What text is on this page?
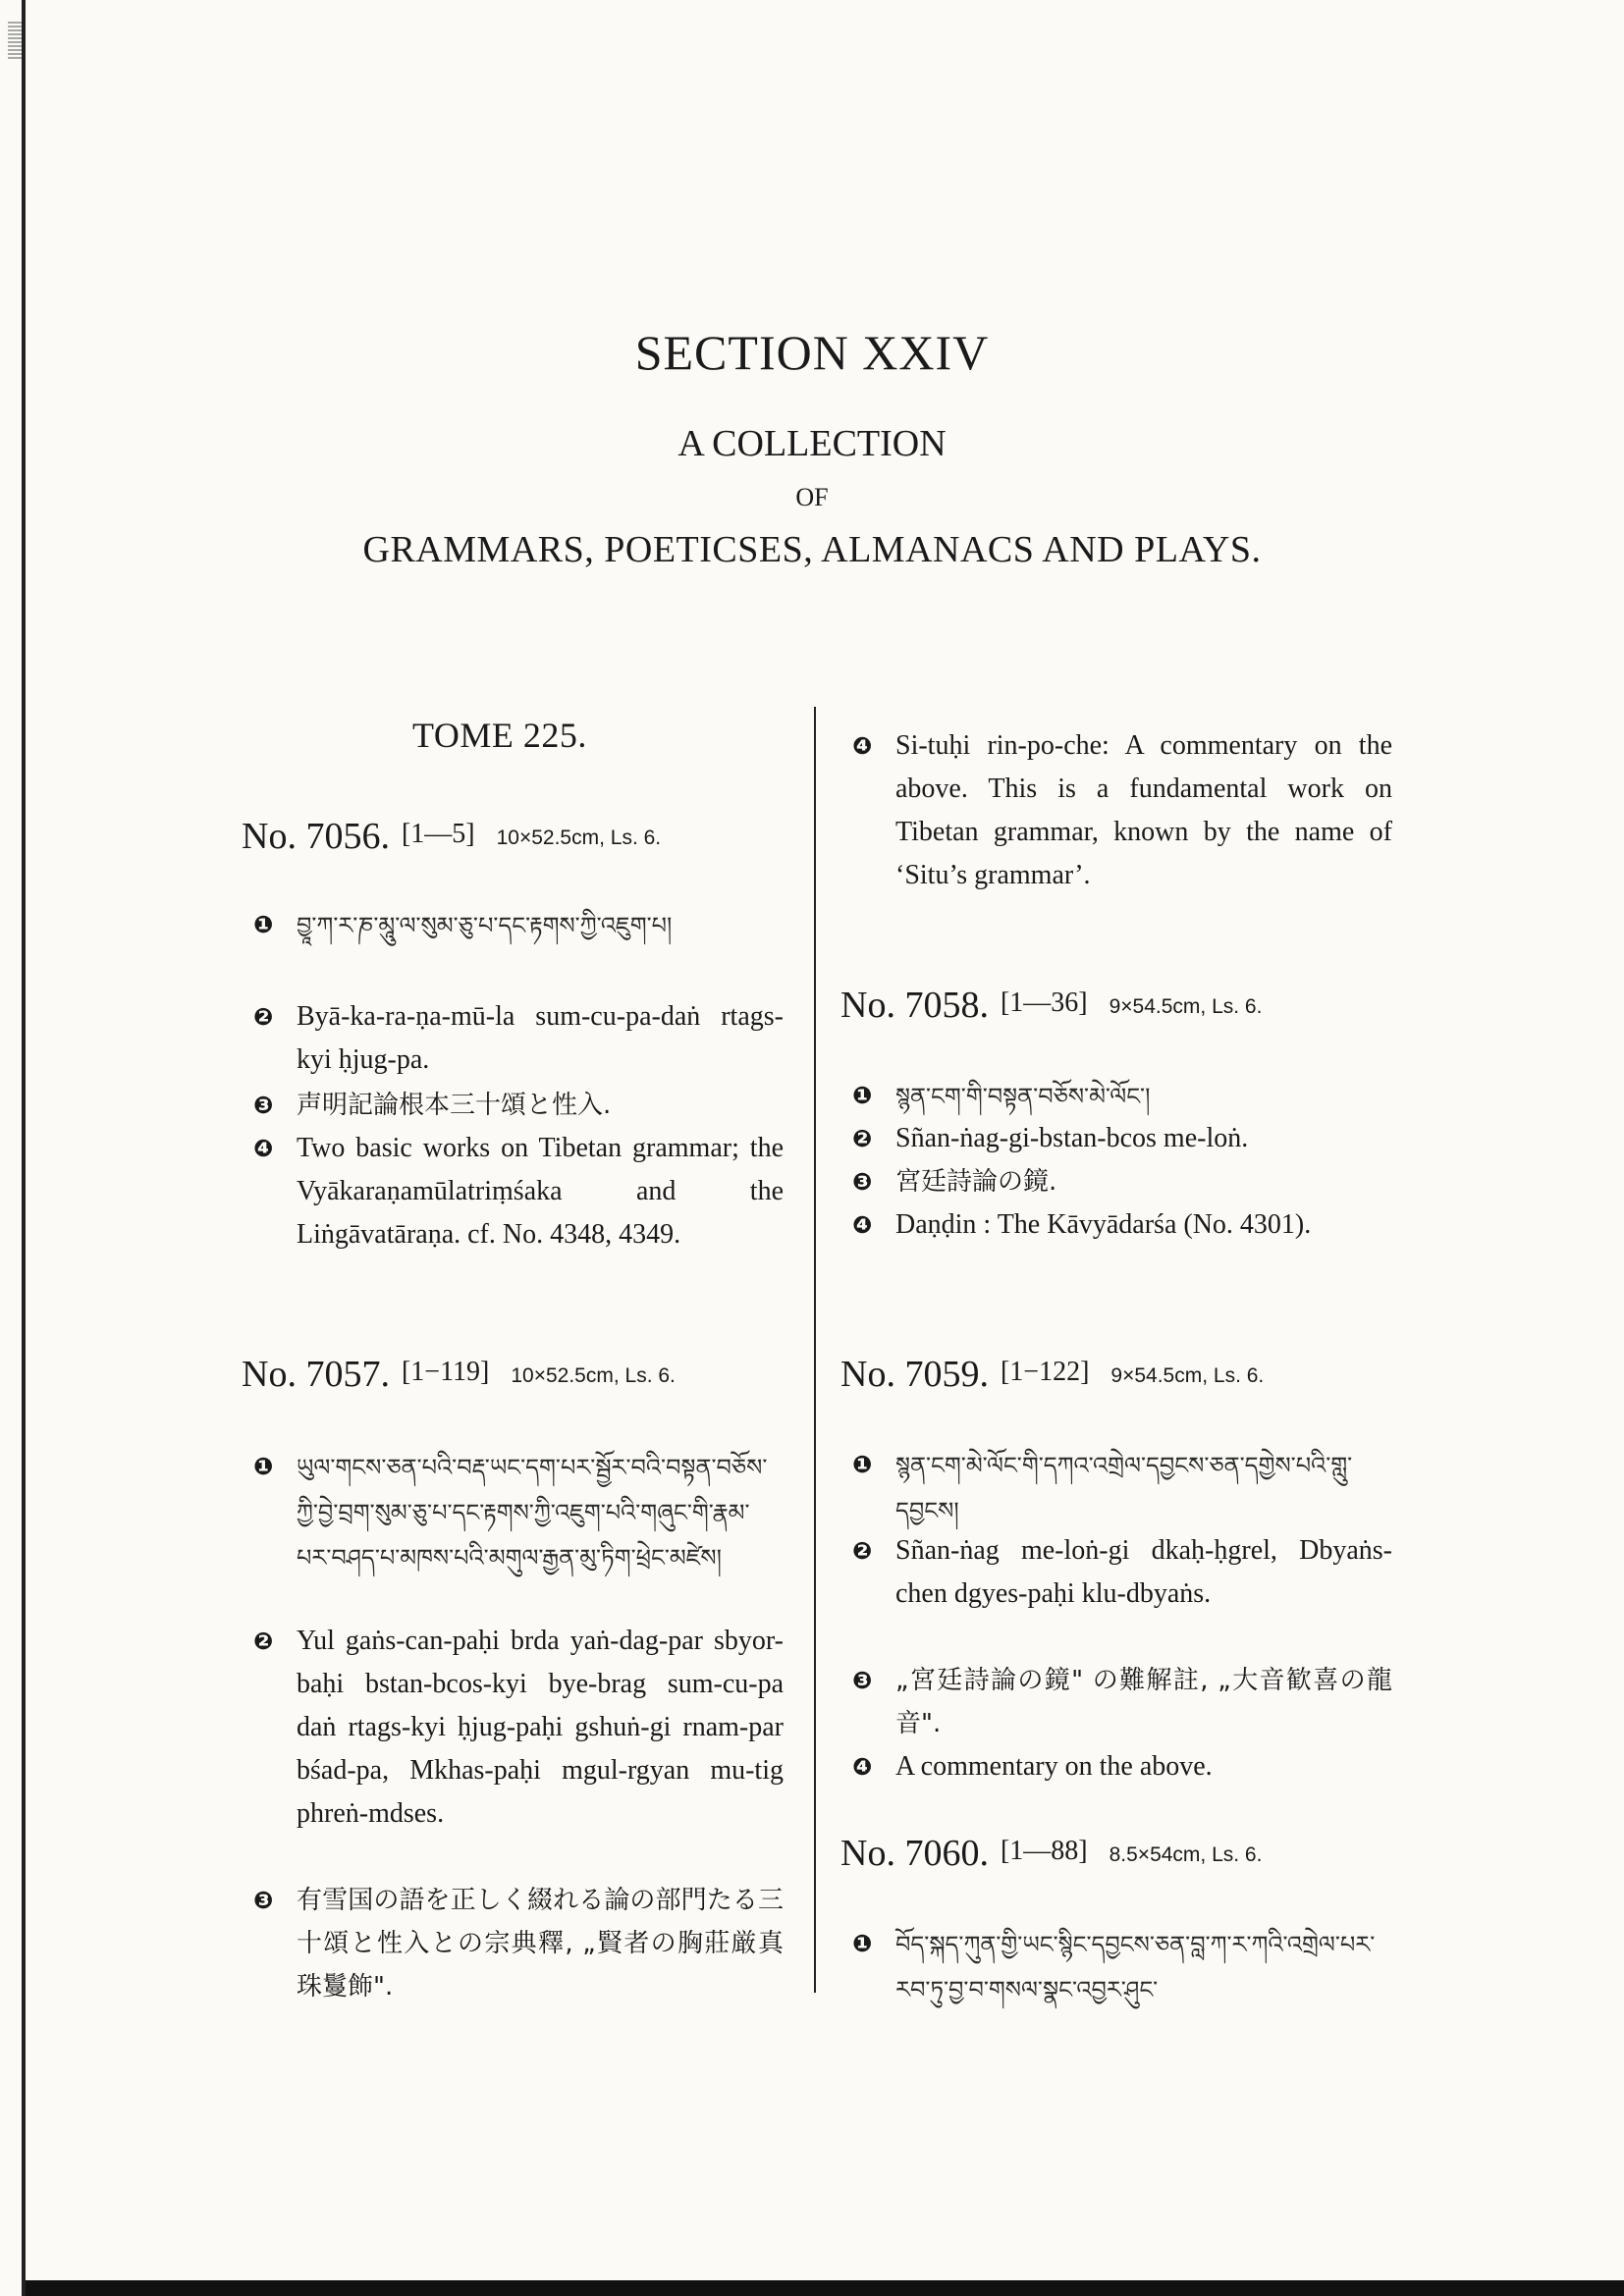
SECTION XXIV
A COLLECTION
OF
GRAMMARS, POETICSES, ALMANACS AND PLAYS.
TOME 225.
No. 7056. [1—5] 10×52.5cm, Ls. 6.
❶ བྱཱ་ཀ་ར་ཎ་མཱུ་ལ་སུམ་ཅུ་པ་དང་རྟགས་ཀྱི་འཇུག་པ།
❷ Byā-ka-ra-ṇa-mū-la sum-cu-pa-daṅ rtags-kyi ḥjug-pa.
❸ 声明記論根本三十頌と性入.
❹ Two basic works on Tibetan grammar; the Vyākaraṇamūlatriṃśaka and the Liṅgāvatāraṇa. cf. No. 4348, 4349.
No. 7057. [1−119] 10×52.5cm, Ls. 6.
❶ ཡུལ་གངས་ཅན་པའི་བརྡ་ཡང་དག་པར་སྦྱོར་བའི་བསྟན་བཅོས་ཀྱི་བྱེ་བྲག་སུམ་ཅུ་པ་དང་རྟགས་ཀྱི་འཇུག་པའི་གཞུང་གི་རྣམ་པར་བཤད་པ་མཁས་པའི་མགུལ་རྒྱན་མུ་ཏིག་ཕྲེང་མཛེས།
❷ Yul gaṅs-can-paḥi brda yaṅ-dag-par sbyor-baḥi bstan-bcos-kyi bye-brag sum-cu-pa daṅ rtags-kyi ḥjug-paḥi gshuṅ-gi rnam-par bśad-pa, Mkhas-paḥi mgul-rgyan mu-tig phreṅ-mdses.
❸ 有雪国の語を正しく綴れる論の部門たる三十頌と性入との宗典釋, „賢者の胸莊厳真珠鬘飾".
❹ Si-tuḥi rin-po-che: A commentary on the above. This is a fundamental work on Tibetan grammar, known by the name of ‘Situ’s grammar’.
No. 7058. [1—36] 9×54.5cm, Ls. 6.
❶ སྙན་ངག་གི་བསྟན་བཅོས་མེ་ལོང་།
❷ Sñan-ṅag-gi-bstan-bcos me-loṅ.
❸ 宮廷詩論の鏡.
❹ Daṇḍin : The Kāvyādarśa (No. 4301).
No. 7059. [1−122] 9×54.5cm, Ls. 6.
❶ སྙན་ངག་མེ་ལོང་གི་དཀའ་འགྲེལ་དབྱངས་ཅན་དགྱེས་པའི་གླུ་དབྱངས།
❷ Sñan-ṅag me-loṅ-gi dkaḥ-ḥgrel, Dbyaṅs-chen dgyes-paḥi klu-dbyaṅs.
❸ „宮廷詩論の鏡" の難解註, „大音歓喜の龍音".
❹ A commentary on the above.
No. 7060. [1—88] 8.5×54cm, Ls. 6.
❶ བོད་སྐད་ཀུན་གྱི་ཡང་སྙིང་དབྱངས་ཅན་བླ་ཀ་ར་ཀའི་འགྲེལ་པར་རབ་ཏུ་བྱ་བ་གསལ་སྣང་འབྱར་ཤུང་
